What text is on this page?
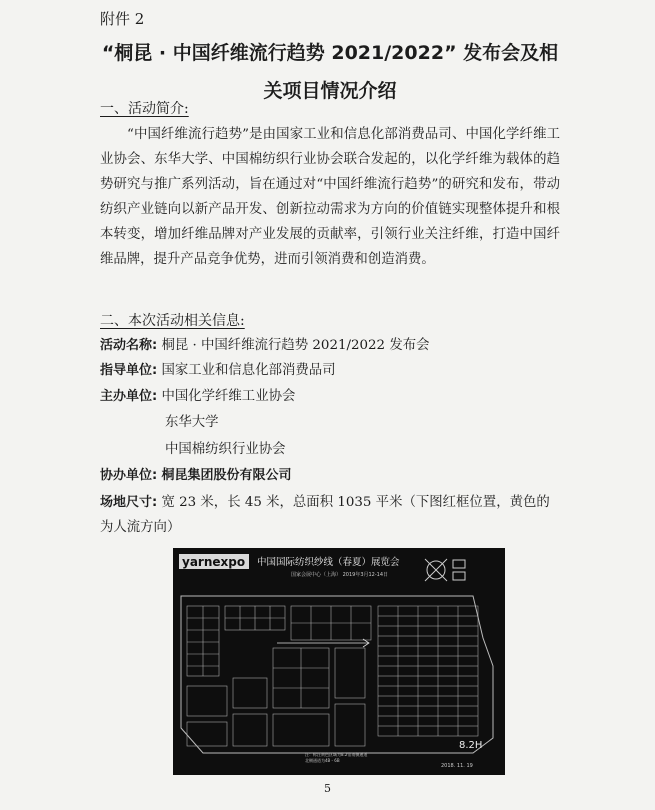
附件 2
“桐昆 · 中国纤维流行趋势 2021/2022” 发布会及相
关项目情况介绍
一、活动简介:
“中国纤维流行趋势”是由国家工业和信息化部消费品司、中国化学纤维工业协会、东华大学、中国棉纺织行业协会联合发起的，以化学纤维为载体的趋势研究与推广系列活动，旨在通过对“中国纤维流行趋势”的研究和发布，带动纺织产业链向以新产品开发、创新拉动需求为方向的价值链实现整体提升和根本转变，增加纤维品牌对产业发展的贡献率，引领行业关注纤维，打造中国纤维品牌，提升产品竞争优势，进而引领消费和创造消费。
二、本次活动相关信息:
活动名称: 桐昆 · 中国纤维流行趋势 2021/2022 发布会
指导单位: 国家工业和信息化部消费品司
主办单位: 中国化学纤维工业协会
东华大学
中国棉纺织行业协会
协办单位: 桐昆集团股份有限公司
场地尺寸: 宽 23 米，长 45 米，总面积 1035 平米（下图红框位置，黄色的为人流方向）
yarnexpo 中国国际纺织纱线（春夏）展览会
国家会展中心（上海） 2019年3月12-14日
8.2H
2018. 11. 19
注：标注黄色区域为8.2馆南侧通道
北侧通道为4B - 6B
5
